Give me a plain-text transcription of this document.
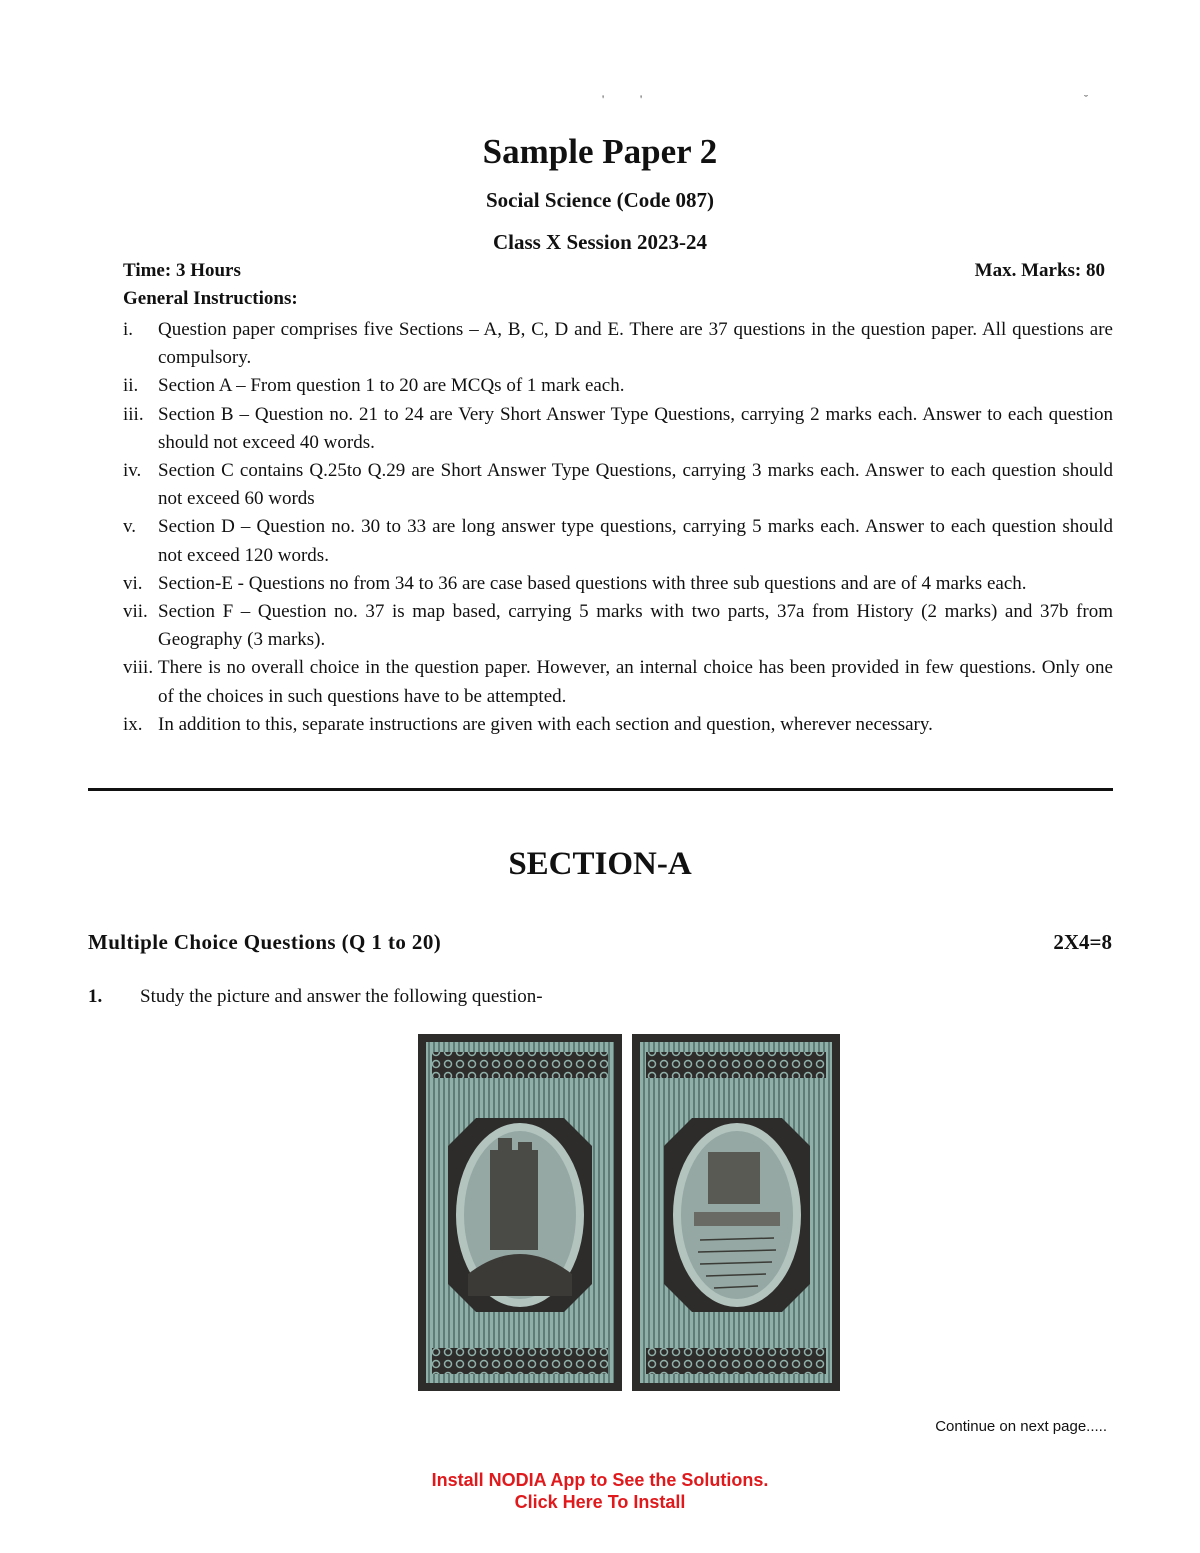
'	'	˘
Sample Paper 2
Social Science (Code 087)
Class X Session 2023-24
Time: 3 Hours	Max. Marks: 80
General Instructions:
i. Question paper comprises five Sections – A, B, C, D and E. There are 37 questions in the question paper. All questions are compulsory.
ii. Section A – From question 1 to 20 are MCQs of 1 mark each.
iii. Section B – Question no. 21 to 24 are Very Short Answer Type Questions, carrying 2 marks each. Answer to each question should not exceed 40 words.
iv. Section C contains Q.25to Q.29 are Short Answer Type Questions, carrying 3 marks each. Answer to each question should not exceed 60 words
v. Section D – Question no. 30 to 33 are long answer type questions, carrying 5 marks each. Answer to each question should not exceed 120 words.
vi. Section-E - Questions no from 34 to 36 are case based questions with three sub questions and are of 4 marks each.
vii. Section F – Question no. 37 is map based, carrying 5 marks with two parts, 37a from History (2 marks) and 37b from Geography (3 marks).
viii. There is no overall choice in the question paper. However, an internal choice has been provided in few questions. Only one of the choices in such questions have to be attempted.
ix. In addition to this, separate instructions are given with each section and question, wherever necessary.
SECTION-A
Multiple Choice Questions (Q 1 to 20)	2X4=8
1. Study the picture and answer the following question-
Continue on next page.....
Install NODIA App to See the Solutions.
Click Here To Install
